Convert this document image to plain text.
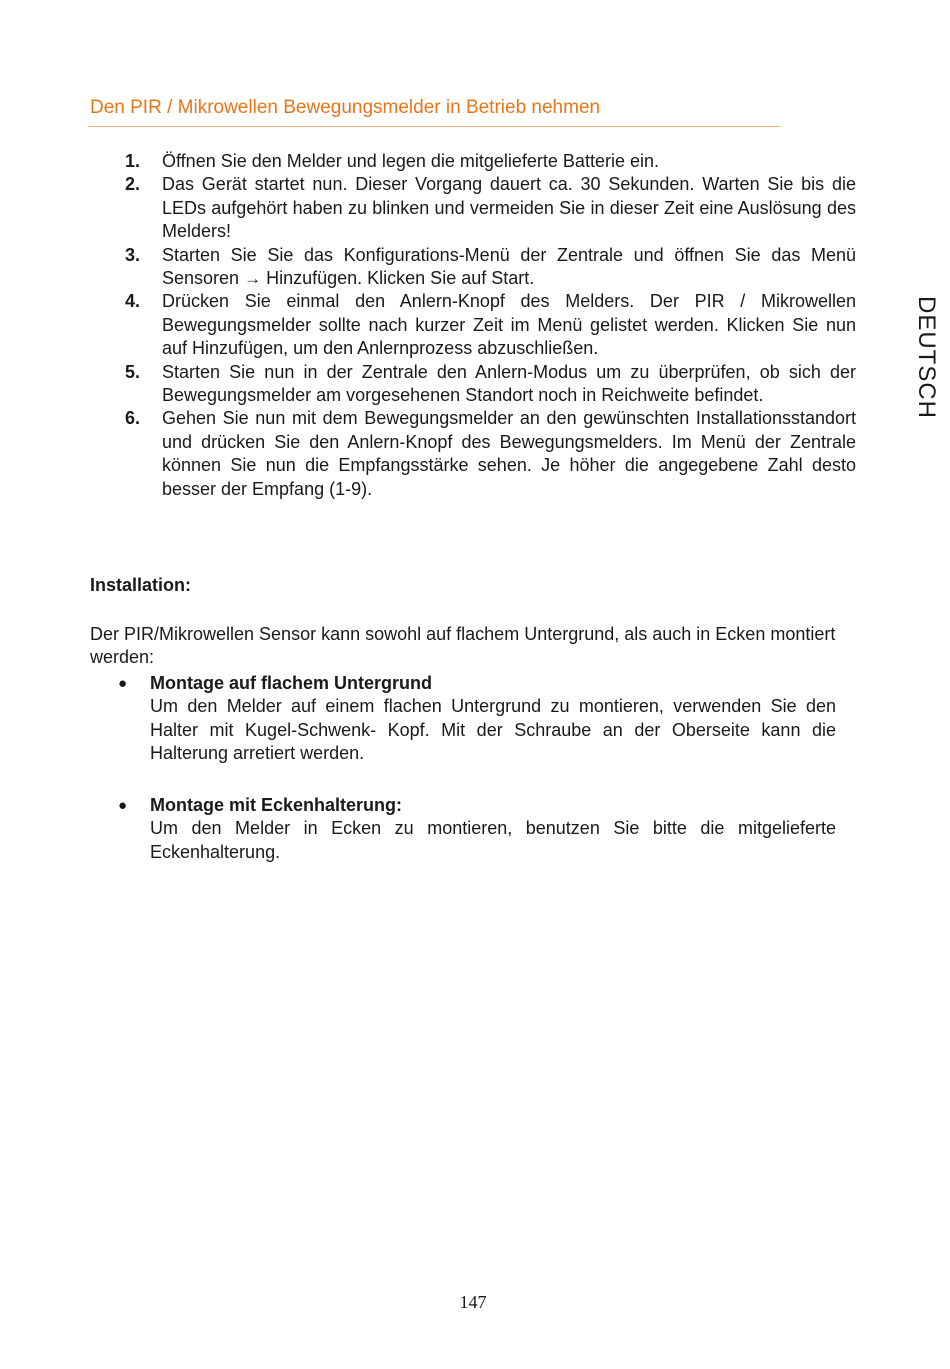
Den PIR / Mikrowellen Bewegungsmelder in Betrieb nehmen
1. Öffnen Sie den Melder und legen die mitgelieferte Batterie ein.
2. Das Gerät startet nun. Dieser Vorgang dauert ca. 30 Sekunden. Warten Sie bis die LEDs aufgehört haben zu blinken und vermeiden Sie in dieser Zeit eine Auslösung des Melders!
3. Starten Sie Sie das Konfigurations-Menü der Zentrale und öffnen Sie das Menü Sensoren → Hinzufügen. Klicken Sie auf Start.
4. Drücken Sie einmal den Anlern-Knopf des Melders. Der PIR / Mikrowellen Bewegungsmelder sollte nach kurzer Zeit im Menü gelistet werden. Klicken Sie nun auf Hinzufügen, um den Anlernprozess abzuschließen.
5. Starten Sie nun in der Zentrale den Anlern-Modus um zu überprüfen, ob sich der Bewegungsmelder am vorgesehenen Standort noch in Reichweite befindet.
6. Gehen Sie nun mit dem Bewegungsmelder an den gewünschten Installationsstandort und drücken Sie den Anlern-Knopf des Bewegungsmelders. Im Menü der Zentrale können Sie nun die Empfangsstärke sehen. Je höher die angegebene Zahl desto besser der Empfang (1-9).
Installation:

Der PIR/Mikrowellen Sensor kann sowohl auf flachem Untergrund, als auch in Ecken montiert werden:

● Montage auf flachem Untergrund
Um den Melder auf einem flachen Untergrund zu montieren, verwenden Sie den Halter mit Kugel-Schwenk- Kopf. Mit der Schraube an der Oberseite kann die Halterung arretiert werden.
● Montage mit Eckenhalterung:
Um den Melder in Ecken zu montieren, benutzen Sie bitte die mitgelieferte Eckenhalterung.
DEUTSCH
147
